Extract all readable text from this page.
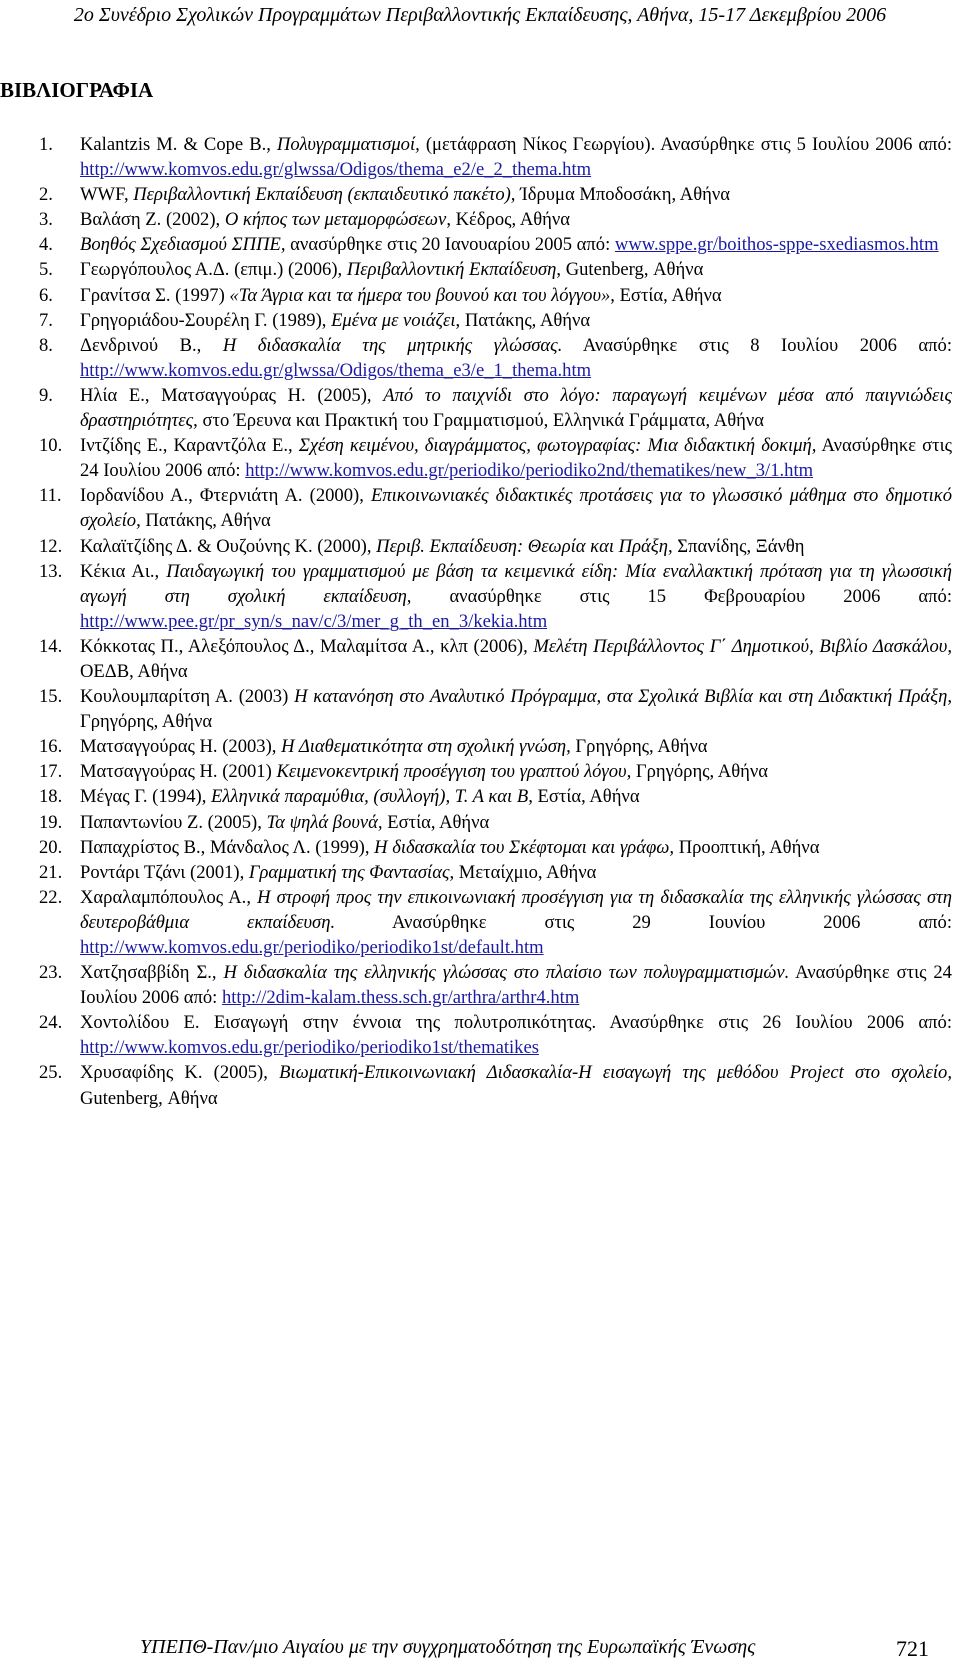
2ο Συνέδριο Σχολικών Προγραμμάτων Περιβαλλοντικής Εκπαίδευσης, Αθήνα, 15-17 Δεκεμβρίου 2006
ΒΙΒΛΙΟΓΡΑΦΙΑ
1.	Kalantzis M. & Cope B., Πολυγραμματισμοί, (μετάφραση Νίκος Γεωργίου). Ανασύρθηκε στις 5 Ιουλίου 2006 από: http://www.komvos.edu.gr/glwssa/Odigos/thema_e2/e_2_thema.htm
2.	WWF, Περιβαλλοντική Εκπαίδευση (εκπαιδευτικό πακέτο), Ίδρυμα Μποδοσάκη, Αθήνα
3.	Βαλάση Ζ. (2002), Ο κήπος των μεταμορφώσεων, Κέδρος, Αθήνα
4.	Βοηθός Σχεδιασμού ΣΠΠΕ, ανασύρθηκε στις 20 Ιανουαρίου 2005 από: www.sppe.gr/boithos-sppe-sxediasmos.htm
5.	Γεωργόπουλος Α.Δ. (επιμ.) (2006), Περιβαλλοντική Εκπαίδευση, Gutenberg, Αθήνα
6.	Γρανίτσα Σ. (1997) «Τα Άγρια και τα ήμερα του βουνού και του λόγγου», Εστία, Αθήνα
7.	Γρηγοριάδου-Σουρέλη Γ. (1989), Εμένα με νοιάζει, Πατάκης, Αθήνα
8.	Δενδρινού Β., Η διδασκαλία της μητρικής γλώσσας. Ανασύρθηκε στις 8 Ιουλίου 2006 από: http://www.komvos.edu.gr/glwssa/Odigos/thema_e3/e_1_thema.htm
9.	Ηλία Ε., Ματσαγγούρας Η. (2005), Από το παιχνίδι στο λόγο: παραγωγή κειμένων μέσα από παιγνιώδεις δραστηριότητες, στο Έρευνα και Πρακτική του Γραμματισμού, Ελληνικά Γράμματα, Αθήνα
10. Ιντζίδης Ε., Καραντζόλα Ε., Σχέση κειμένου, διαγράμματος, φωτογραφίας: Μια διδακτική δοκιμή, Ανασύρθηκε στις 24 Ιουλίου 2006 από: http://www.komvos.edu.gr/periodiko/periodiko2nd/thematikes/new_3/1.htm
11. Ιορδανίδου Α., Φτερνιάτη Α. (2000), Επικοινωνιακές διδακτικές προτάσεις για το γλωσσικό μάθημα στο δημοτικό σχολείο, Πατάκης, Αθήνα
12. Καλαϊτζίδης Δ. & Ουζούνης Κ. (2000), Περιβ. Εκπαίδευση: Θεωρία και Πράξη, Σπανίδης, Ξάνθη
13. Κέκια Αι., Παιδαγωγική του γραμματισμού με βάση τα κειμενικά είδη: Μία εναλλακτική πρόταση για τη γλωσσική αγωγή στη σχολική εκπαίδευση, ανασύρθηκε στις 15 Φεβρουαρίου 2006 από: http://www.pee.gr/pr_syn/s_nav/c/3/mer_g_th_en_3/kekia.htm
14. Κόκκοτας Π., Αλεξόπουλος Δ., Μαλαμίτσα Α., κλπ (2006), Μελέτη Περιβάλλοντος Γ΄ Δημοτικού, Βιβλίο Δασκάλου, ΟΕΔΒ, Αθήνα
15. Κουλουμπαρίτση Α. (2003) Η κατανόηση στο Αναλυτικό Πρόγραμμα, στα Σχολικά Βιβλία και στη Διδακτική Πράξη, Γρηγόρης, Αθήνα
16. Ματσαγγούρας Η. (2003), Η Διαθεματικότητα στη σχολική γνώση, Γρηγόρης, Αθήνα
17. Ματσαγγούρας Η. (2001) Κειμενοκεντρική προσέγγιση του γραπτού λόγου, Γρηγόρης, Αθήνα
18. Μέγας Γ. (1994), Ελληνικά παραμύθια, (συλλογή), Τ. Α και Β, Εστία, Αθήνα
19. Παπαντωνίου Ζ. (2005), Τα ψηλά βουνά, Εστία, Αθήνα
20. Παπαχρίστος Β., Μάνδαλος Λ. (1999), Η διδασκαλία του Σκέφτομαι και γράφω, Προοπτική, Αθήνα
21. Ροντάρι Τζάνι (2001), Γραμματική της Φαντασίας, Μεταίχμιο, Αθήνα
22. Χαραλαμπόπουλος Α., Η στροφή προς την επικοινωνιακή προσέγγιση για τη διδασκαλία της ελληνικής γλώσσας στη δευτεροβάθμια εκπαίδευση. Ανασύρθηκε στις 29 Ιουνίου 2006 από: http://www.komvos.edu.gr/periodiko/periodiko1st/default.htm
23. Χατζησαββίδη Σ., Η διδασκαλία της ελληνικής γλώσσας στο πλαίσιο των πολυγραμματισμών. Ανασύρθηκε στις 24 Ιουλίου 2006 από: http://2dim-kalam.thess.sch.gr/arthra/arthr4.htm
24. Χοντολίδου Ε. Εισαγωγή στην έννοια της πολυτροπικότητας. Ανασύρθηκε στις 26 Ιουλίου 2006 από: http://www.komvos.edu.gr/periodiko/periodiko1st/thematikes
25. Χρυσαφίδης Κ. (2005), Βιωματική-Επικοινωνιακή Διδασκαλία-Η εισαγωγή της μεθόδου Project στο σχολείο, Gutenberg, Αθήνα
ΥΠΕΠΘ-Παν/μιο Αιγαίου με την συγχρηματοδότηση της Ευρωπαϊκής Ένωσης	721
